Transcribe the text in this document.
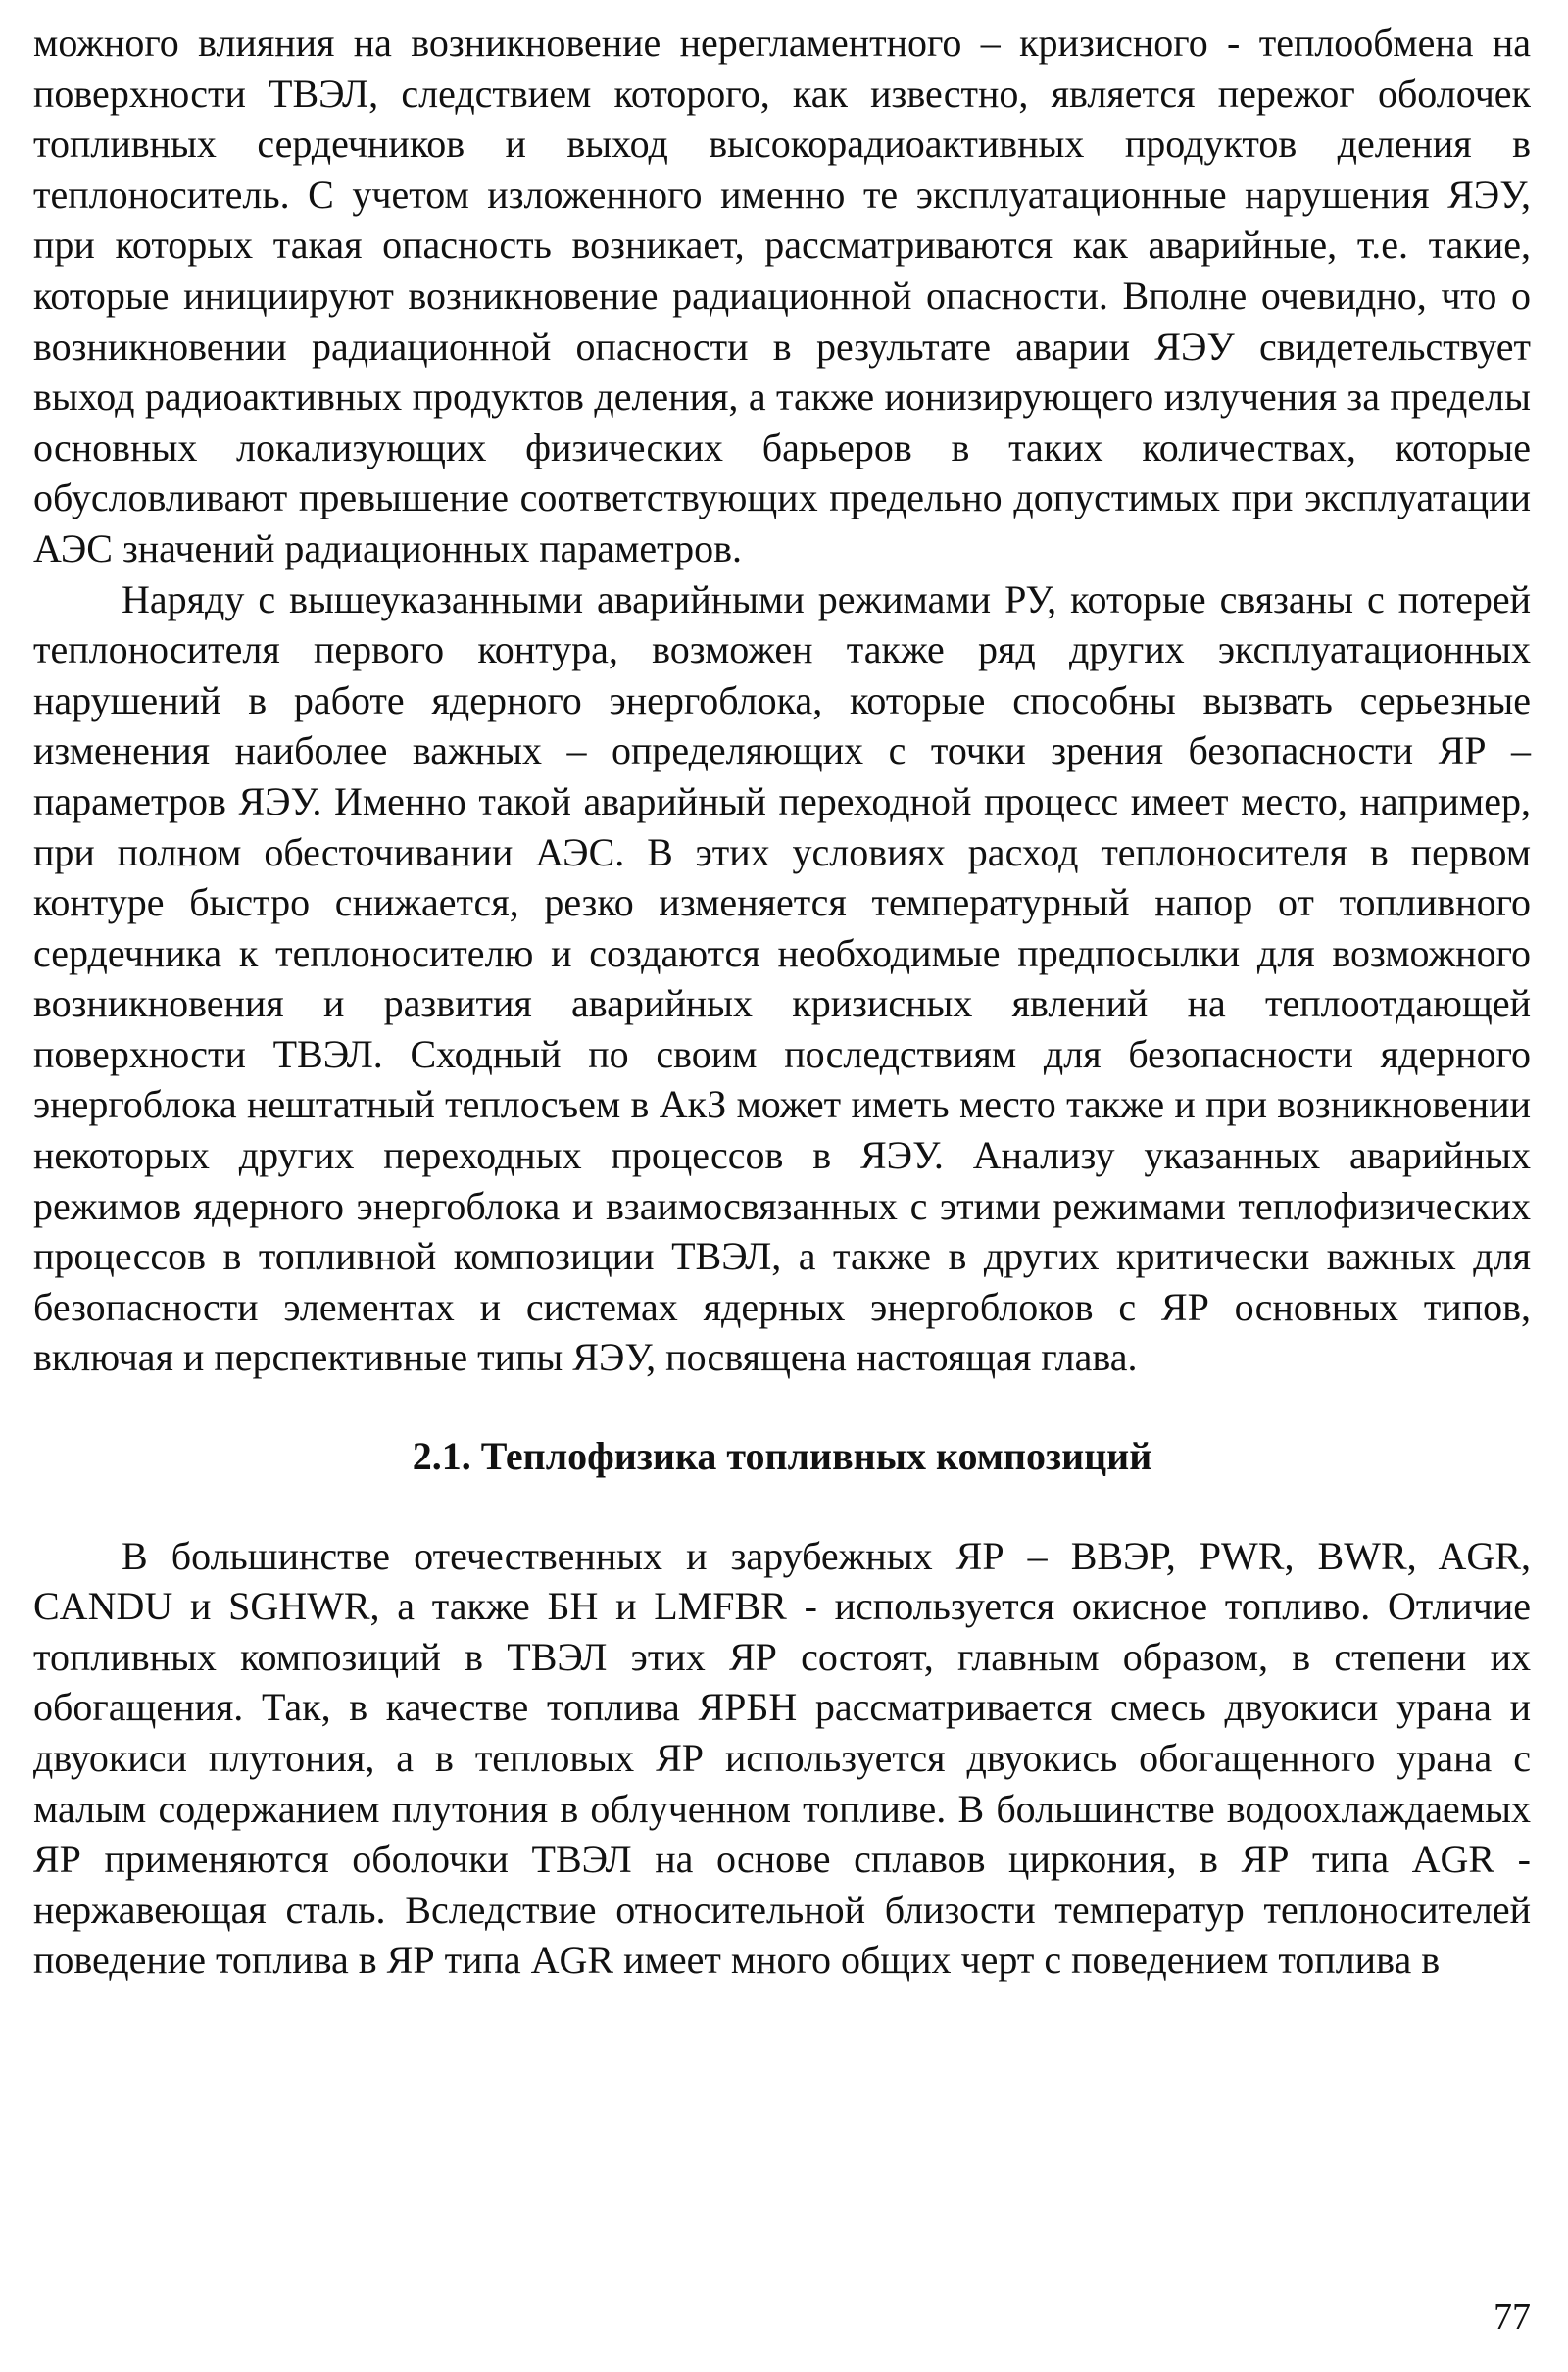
можного влияния на возникновение нерегламентного – кризисного - теплообмена на поверхности ТВЭЛ, следствием которого, как известно, является пережог оболочек топливных сердечников и выход высокорадиоактивных продуктов деления в теплоноситель. С учетом изложенного именно те эксплуатационные нарушения ЯЭУ, при которых такая опасность возникает, рассматриваются как аварийные, т.е. такие, которые инициируют возникновение радиационной опасности. Вполне очевидно, что о возникновении радиационной опасности в результате аварии ЯЭУ свидетельствует выход радиоактивных продуктов деления, а также ионизирующего излучения за пределы основных локализующих физических барьеров в таких количествах, которые обусловливают превышение соответствующих предельно допустимых при эксплуатации АЭС значений радиационных параметров.

Наряду с вышеуказанными аварийными режимами РУ, которые связаны с потерей теплоносителя первого контура, возможен также ряд других эксплуатационных нарушений в работе ядерного энергоблока, которые способны вызвать серьезные изменения наиболее важных – определяющих с точки зрения безопасности ЯР – параметров ЯЭУ. Именно такой аварийный переходной процесс имеет место, например, при полном обесточивании АЭС. В этих условиях расход теплоносителя в первом контуре быстро снижается, резко изменяется температурный напор от топливного сердечника к теплоносителю и создаются необходимые предпосылки для возможного возникновения и развития аварийных кризисных явлений на теплоотдающей поверхности ТВЭЛ. Сходный по своим последствиям для безопасности ядерного энергоблока нештатный теплосъем в АкЗ может иметь место также и при возникновении некоторых других переходных процессов в ЯЭУ. Анализу указанных аварийных режимов ядерного энергоблока и взаимосвязанных с этими режимами теплофизических процессов в топливной композиции ТВЭЛ, а также в других критически важных для безопасности элементах и системах ядерных энергоблоков с ЯР основных типов, включая и перспективные типы ЯЭУ, посвящена настоящая глава.

2.1. Теплофизика топливных композиций

В большинстве отечественных и зарубежных ЯР – ВВЭР, PWR, BWR, AGR, CANDU и SGHWR, а также БН и LMFBR - используется окисное топливо. Отличие топливных композиций в ТВЭЛ этих ЯР состоят, главным образом, в степени их обогащения. Так, в качестве топлива ЯРБН рассматривается смесь двуокиси урана и двуокиси плутония, а в тепловых ЯР используется двуокись обогащенного урана с малым содержанием плутония в облученном топливе. В большинстве водоохлаждаемых ЯР применяются оболочки ТВЭЛ на основе сплавов циркония, в ЯР типа AGR - нержавеющая сталь. Вследствие относительной близости температур теплоносителей поведение топлива в ЯР типа AGR имеет много общих черт с поведением топлива в

77
